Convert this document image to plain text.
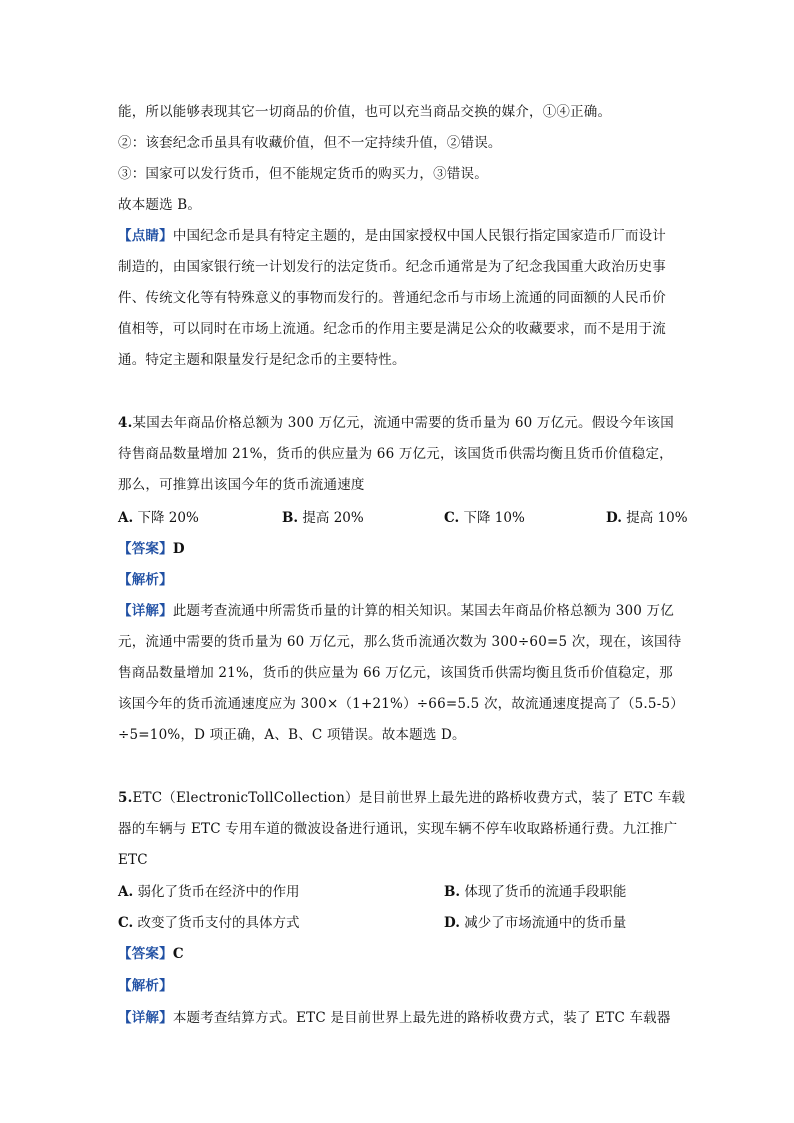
能，所以能够表现其它一切商品的价值，也可以充当商品交换的媒介，①④正确。
②：该套纪念币虽具有收藏价值，但不一定持续升值，②错误。
③：国家可以发行货币，但不能规定货币的购买力，③错误。
故本题选 B。
【点睛】中国纪念币是具有特定主题的，是由国家授权中国人民银行指定国家造币厂而设计
制造的，由国家银行统一计划发行的法定货币。纪念币通常是为了纪念我国重大政治历史事
件、传统文化等有特殊意义的事物而发行的。普通纪念币与市场上流通的同面额的人民币价
值相等，可以同时在市场上流通。纪念币的作用主要是满足公众的收藏要求，而不是用于流
通。特定主题和限量发行是纪念币的主要特性。
4.某国去年商品价格总额为 300 万亿元，流通中需要的货币量为 60 万亿元。假设今年该国
待售商品数量增加 21%，货币的供应量为 66 万亿元，该国货币供需均衡且货币价值稳定，
那么，可推算出该国今年的货币流通速度
A. 下降 20%	B. 提高 20%	C. 下降 10%	D. 提高 10%
【答案】D
【解析】
【详解】此题考查流通中所需货币量的计算的相关知识。某国去年商品价格总额为 300 万亿
元，流通中需要的货币量为 60 万亿元，那么货币流通次数为 300÷60=5 次，现在，该国待
售商品数量增加 21%，货币的供应量为 66 万亿元，该国货币供需均衡且货币价值稳定，那
该国今年的货币流通速度应为 300×（1+21%）÷66=5.5 次，故流通速度提高了（5.5-5）
÷5=10%，D 项正确，A、B、C 项错误。故本题选 D。
5.ETC（ElectronicTollCollection）是目前世界上最先进的路桥收费方式，装了 ETC 车载
器的车辆与 ETC 专用车道的微波设备进行通讯，实现车辆不停车收取路桥通行费。九江推广
ETC
A. 弱化了货币在经济中的作用	B. 体现了货币的流通手段职能
C. 改变了货币支付的具体方式	D. 减少了市场流通中的货币量
【答案】C
【解析】
【详解】本题考查结算方式。ETC 是目前世界上最先进的路桥收费方式，装了 ETC 车载器
